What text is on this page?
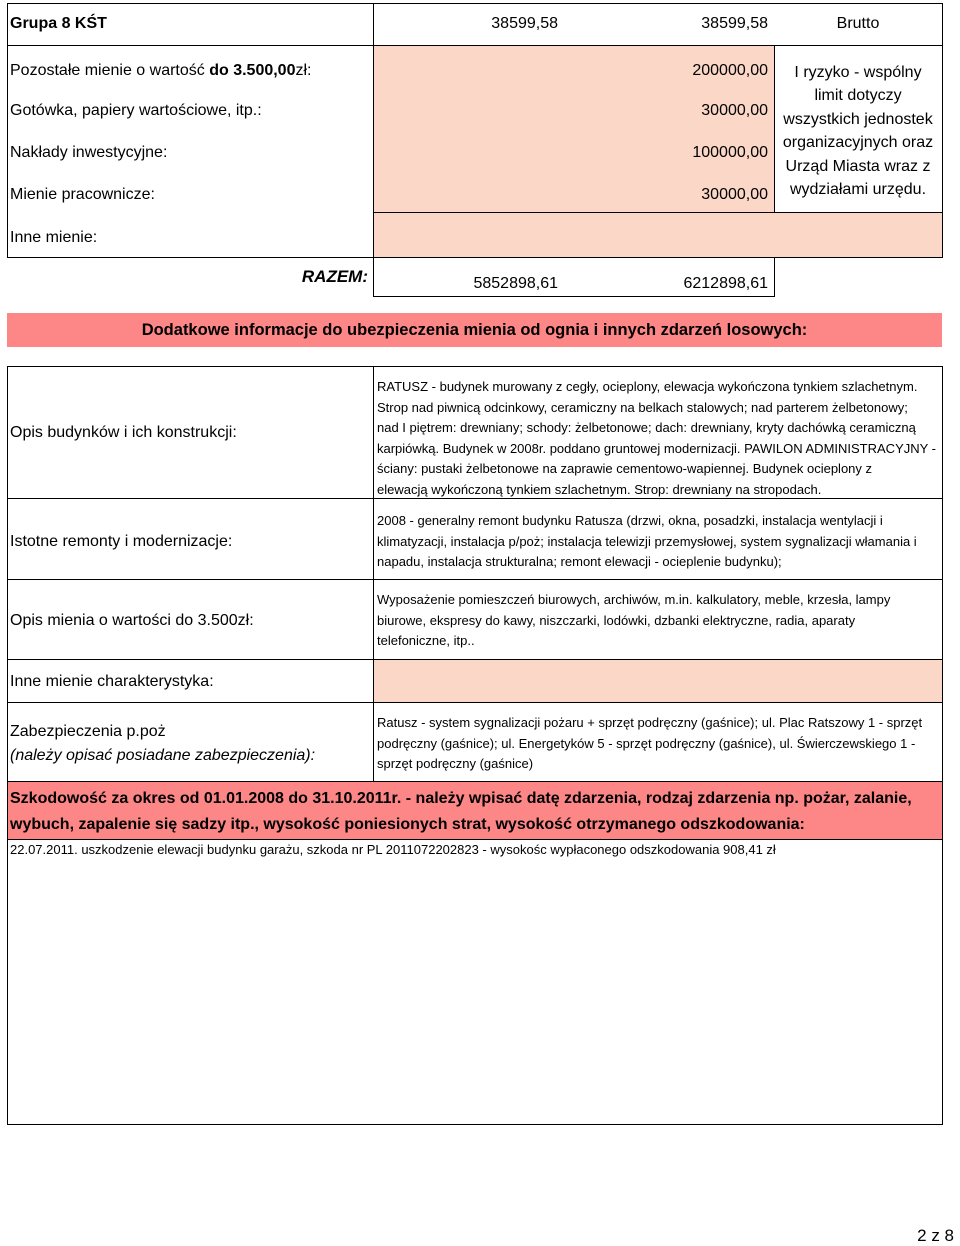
Grupa 8 KŚT	38599,58	38599,58	Brutto
Pozostałe mienie o wartość do 3.500,00zł:	200000,00
Gotówka, papiery wartościowe, itp.:	30000,00
Nakłady inwestycyjne:	100000,00
Mienie pracownicze:	30000,00
I ryzyko - wspólny
limit dotyczy
wszystkich jednostek
organizacyjnych oraz
Urząd Miasta wraz z
wydziałami urzędu.
Inne mienie:
RAZEM:	5852898,61	6212898,61
Dodatkowe informacje do ubezpieczenia mienia od ognia i innych zdarzeń losowych:
Opis budynków i ich konstrukcji:
RATUSZ - budynek murowany z cegły, ocieplony, elewacja wykończona tynkiem szlachetnym.
Strop nad piwnicą odcinkowy, ceramiczny na belkach stalowych; nad parterem żelbetonowy;
nad I piętrem: drewniany; schody: żelbetonowe; dach: drewniany, kryty dachówką ceramiczną
karpiówką. Budynek w 2008r. poddano gruntowej modernizacji. PAWILON ADMINISTRACYJNY -
ściany: pustaki żelbetonowe na zaprawie cementowo-wapiennej. Budynek ocieplony z
elewacją wykończoną tynkiem szlachetnym. Strop: drewniany na stropodach.
Istotne remonty i modernizacje:
2008 - generalny remont budynku Ratusza (drzwi, okna, posadzki, instalacja wentylacji i
klimatyzacji, instalacja p/poż; instalacja telewizji przemysłowej, system sygnalizacji włamania i
napadu, instalacja strukturalna; remont elewacji - ocieplenie budynku);
Opis mienia o wartości do 3.500zł:
Wyposażenie pomieszczeń biurowych, archiwów, m.in. kalkulatory, meble, krzesła, lampy
biurowe, ekspresy do kawy, niszczarki, lodówki, dzbanki elektryczne, radia, aparaty
telefoniczne, itp..
Inne mienie charakterystyka:
Zabezpieczenia p.poż
(należy opisać posiadane zabezpieczenia):
Ratusz - system sygnalizacji pożaru + sprzęt podręczny (gaśnice); ul. Plac Ratszowy 1 - sprzęt
podręczny (gaśnice); ul. Energetyków 5 - sprzęt podręczny (gaśnice), ul. Świerczewskiego 1 -
sprzęt podręczny (gaśnice)
Szkodowość za okres od 01.01.2008 do 31.10.2011r. - należy wpisać datę zdarzenia, rodzaj zdarzenia np. pożar, zalanie,
wybuch, zapalenie się sadzy itp., wysokość poniesionych strat, wysokość otrzymanego odszkodowania:
22.07.2011. uszkodzenie elewacji budynku garażu, szkoda nr PL 2011072202823 - wysokośc wypłaconego odszkodowania 908,41 zł
2 z 8
